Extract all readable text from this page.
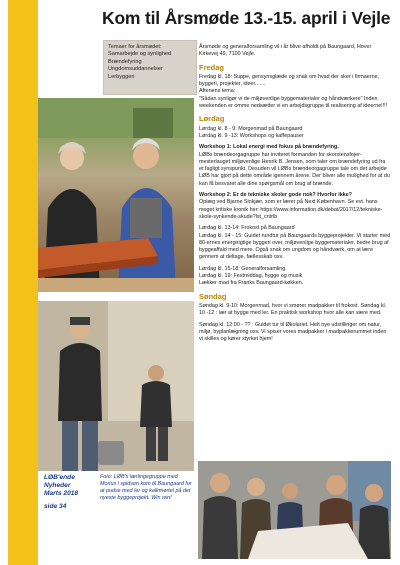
Kom til Årsmøde 13.-15. april i Vejle
Temaer for årsmødet:
Samarbejde og synlighed
Brændefyring
Ungdomsuddannelser
Lerbyggeri

Årsmøde og generalforsamling vil i år blive afholdt på Baungaard, Hover Kirkevej 49, 7100 Vejle.

Fredag

Fredag kl. 18: Suppe, gensynsglæde og snak om hvad der sker i firmaerne, byggeri, projekter, ideer.......
Aftenens tema:
"Sådan synligør vi de miljøvenlige byggematerialer og håndværkere" Inden weekenden er omme nedsætter vi en arbejdsgruppe til realisering af ideerne!!!!

Lørdag

Lørdag kl. 8 - 9: Morgenmad på Baungaard
Lørdag kl. 9 -13: Workshops og kaffepauser

Workshop 1: Lokal energi med fokus på brændefyring.
LØBs brændeorgagruppe har inviteret formanden for skorstensfejer-mesterlauget miljøvenlige Henrik B. Jensen, som taler om brændefyring ud fra et fagligt synspunkt. Desuden vil LØBs brændeorgagruppe tale om det arbejde LØB har gjort på dette område igennem årene. Der bliver alle mulighed for at du kan få besvaret alle dine spørgsmål om brug af brænde.

Workshop 2: Er de tekniske skoler gode nok? Hvorfor ikke?
Oplæg ved Bjarne Sinkjær, som er lærer på Next København. Se evt. hans meget kritiske kronik her: https://www.information.dk/debat/2017/12/tekniske-skole-synkende-skude?lst_cntrlb

Lørdag kl. 13-14: Frokost på Baungaard
Lørdag kl. 14 - 15: Guidet rundtur på Baungaards byggeprojekter. Vi starter med 80-ernes energirigtige byggeri over, miljøvenlige byggematerialer, bedre brug af byggeaffald med mere. Også snak om ungdom og håndværk, om at lære gennem at deltage, fællesskab osv.

Lørdag kl. 15-18: Generalforsamling.
Lørdag kl. 19: Festmiddag, hygge og musik
Lækker mad fra Franks Baungaard-køkken.

Søndag

Søndag kl. 9-10: Morgenmad, hvor vi smører madpakker til frokost. Søndag kl. 10 -12 : lær at bygge med ler. En praktisk workshop hvor alle kan være med.

Søndag kl. 12:00 - ?? : Guidet tur til Økolariet. Helt nye udstillinger om natur, miljø, byplanlægning osv. Vi spiser vores madpakker i madpakkerummet inden vi skilles og kører styrket hjem!

LØB'ende Nyheder
Marts 2018
side 34
Foto: LØB's lærlingegruppe med Morius i spidsen kom til Baungaard for at pudse med ler og kalkmørtel på det nyeste byggeprojekt. Win win!
